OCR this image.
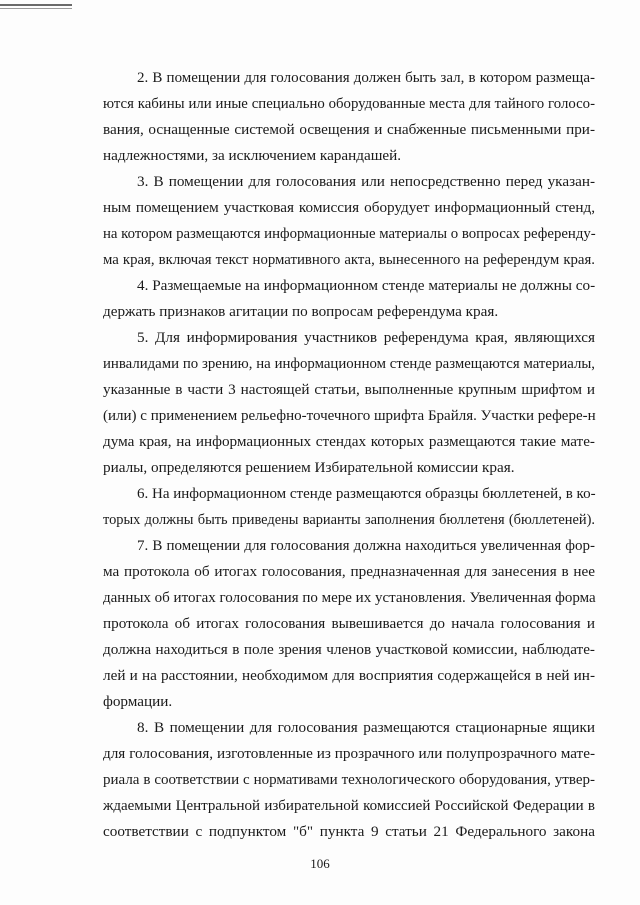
2. В помещении для голосования должен быть зал, в котором размеща-
ются кабины или иные специально оборудованные места для тайного голосо-
вания, оснащенные системой освещения и снабженные письменными при-
надлежностями, за исключением карандашей.
3. В помещении для голосования или непосредственно перед указан-
ным помещением участковая комиссия оборудует информационный стенд,
на котором размещаются информационные материалы о вопросах референду-
ма края, включая текст нормативного акта, вынесенного на референдум края.
4. Размещаемые на информационном стенде материалы не должны со-
держать признаков агитации по вопросам референдума края.
5. Для информирования участников референдума края, являющихся
инвалидами по зрению, на информационном стенде размещаются материалы,
указанные в части 3 настоящей статьи, выполненные крупным шрифтом и
(или) с применением рельефно-точечного шрифта Брайля. Участки рефере-н
дума края, на информационных стендах которых размещаются такие мате-
риалы, определяются решением Избирательной комиссии края.
6. На информационном стенде размещаются образцы бюллетеней, в ко-
торых должны быть приведены варианты заполнения бюллетеня (бюллетеней).
7. В помещении для голосования должна находиться увеличенная фор-
ма протокола об итогах голосования, предназначенная для занесения в нее
данных об итогах голосования по мере их установления. Увеличенная форма
протокола об итогах голосования вывешивается до начала голосования и
должна находиться в поле зрения членов участковой комиссии, наблюдате-
лей и на расстоянии, необходимом для восприятия содержащейся в ней ин-
формации.
8. В помещении для голосования размещаются стационарные ящики
для голосования, изготовленные из прозрачного или полупрозрачного мате-
риала в соответствии с нормативами технологического оборудования, утвер-
ждаемыми Центральной избирательной комиссией Российской Федерации в
соответствии с подпунктом "б" пункта 9 статьи 21 Федерального закона
106
